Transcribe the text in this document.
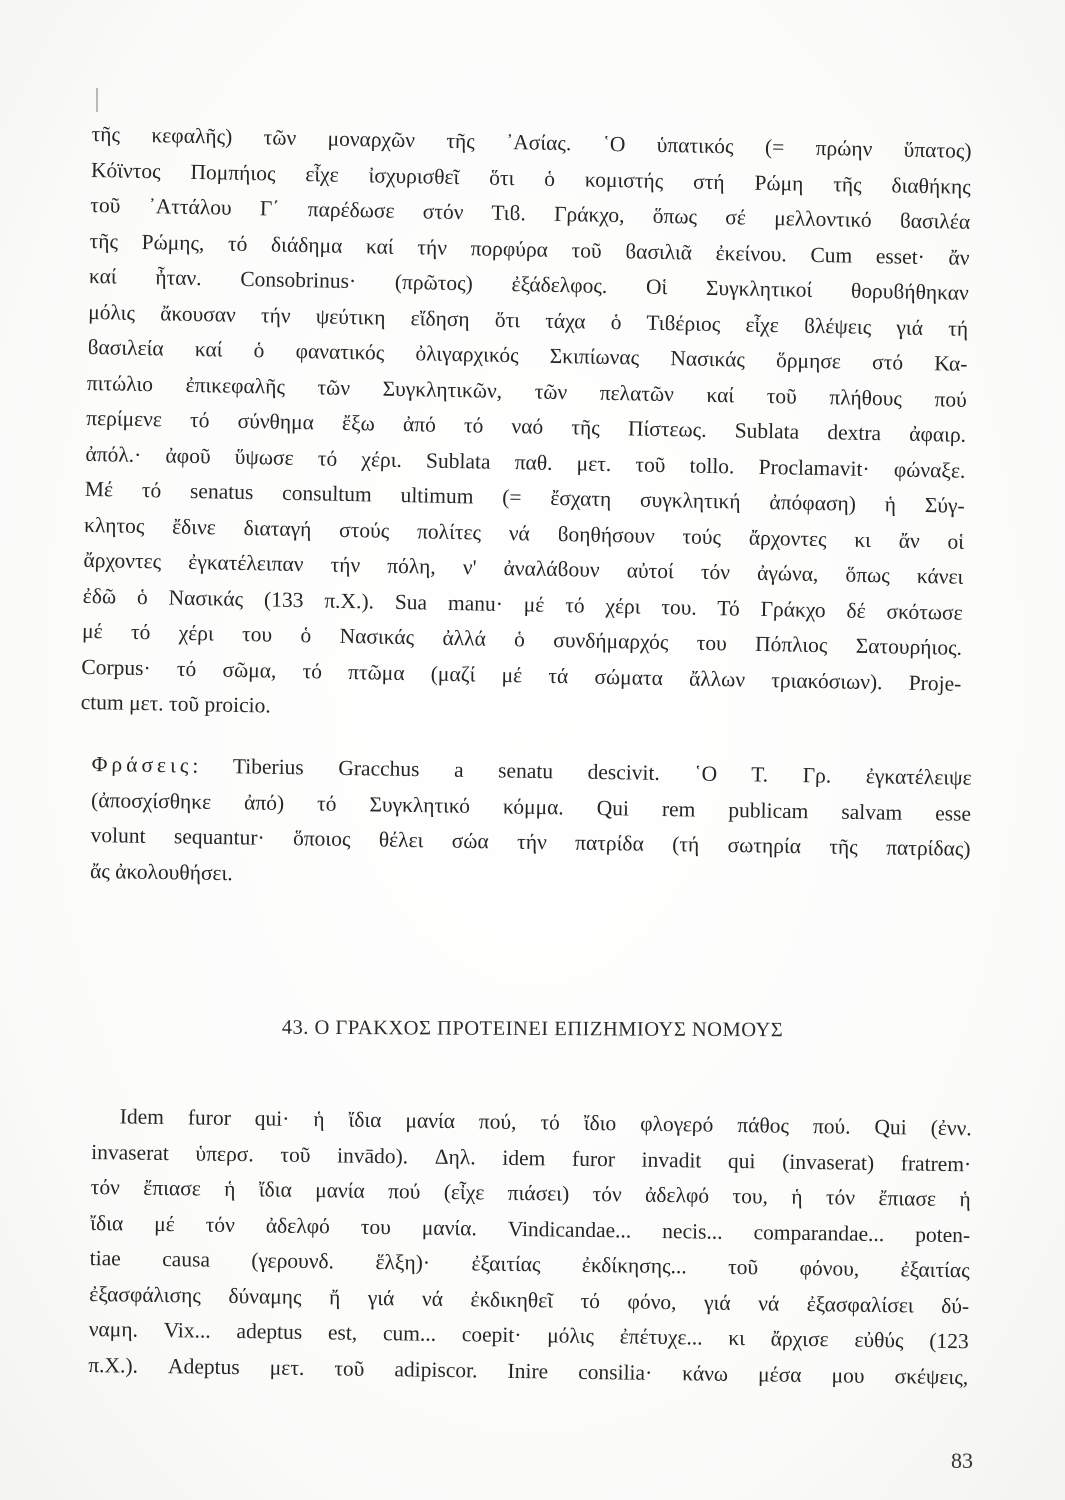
τῆς κεφαλῆς) τῶν μοναρχῶν τῆς ᾿Ασίας. ῾Ο ὑπατικός (= πρώην ὕπατος)
Κόϊντος Πομπήιος εἶχε ἰσχυρισθεῖ ὅτι ὁ κομιστής στή Ρώμη τῆς διαθήκης
τοῦ ᾿Αττάλου Γ΄ παρέδωσε στόν Τιϐ. Γράκχο, ὅπως σέ μελλοντικό ϐασιλέα
τῆς Ρώμης, τό διάδημα καί τήν πορφύρα τοῦ ϐασιλιᾶ ἐκείνου. Cum esset· ἄν
καί ἦταν. Consobrinus· (πρῶτος) ἐξάδελφος. Οἱ Συγκλητικοί θορυϐήθηκαν
μόλις ἄκουσαν τήν ψεύτικη εἴδηση ὅτι τάχα ὁ Τιϐέριος εἶχε ϐλέψεις γιά τή
ϐασιλεία καί ὁ φανατικός ὀλιγαρχικός Σκιπίωνας Νασικάς ὅρμησε στό Κα-
πιτώλιο ἐπικεφαλῆς τῶν Συγκλητικῶν, τῶν πελατῶν καί τοῦ πλήθους πού
περίμενε τό σύνθημα ἔξω ἀπό τό ναό τῆς Πίστεως. Sublata dextra ἀφαιρ.
ἀπόλ.· ἀφοῦ ὕψωσε τό χέρι. Sublata παθ. μετ. τοῦ tollo. Proclamavit· φώναξε.
Μέ τό senatus consultum ultimum (= ἔσχατη συγκλητική ἀπόφαση) ἡ Σύγ-
κλητος ἔδινε διαταγή στούς πολίτες νά ϐοηθήσουν τούς ἄρχοντες κι ἄν οἱ
ἄρχοντες ἐγκατέλειπαν τήν πόλη, ν' ἀναλάϐουν αὐτοί τόν ἀγώνα, ὅπως κάνει
ἐδῶ ὁ Νασικάς (133 π.Χ.). Sua manu· μέ τό χέρι του. Τό Γράκχο δέ σκότωσε
μέ τό χέρι του ὁ Νασικάς ἀλλά ὁ συνδήμαρχός του Πόπλιος Σατουρήιος.
Corpus· τό σῶμα, τό πτῶμα (μαζί μέ τά σώματα ἄλλων τριακόσιων). Proje-
ctum μετ. τοῦ proicio.
Φράσεις: Tiberius Gracchus a senatu descivit. ῾Ο Τ. Γρ. ἐγκατέλειψε
(ἀποσχίσθηκε ἀπό) τό Συγκλητικό κόμμα. Qui rem publicam salvam esse
volunt sequantur· ὅποιος θέλει σώα τήν πατρίδα (τή σωτηρία τῆς πατρίδας)
ἄς ἀκολουθήσει.
43. Ο ΓΡΑΚΧΟΣ ΠΡΟΤΕΙΝΕΙ ΕΠΙΖΗΜΙΟΥΣ ΝΟΜΟΥΣ
Idem furor qui· ἡ ἴδια μανία πού, τό ἴδιο φλογερό πάθος πού. Qui (ἐνν.
invaserat ὑπερσ. τοῦ invādo). Δηλ. idem furor invadit qui (invaserat) fratrem·
τόν ἔπιασε ἡ ἴδια μανία πού (εἶχε πιάσει) τόν ἀδελφό του, ἡ τόν ἔπιασε ἡ
ἴδια μέ τόν ἀδελφό του μανία. Vindicandae... necis... comparandae... poten-
tiae causa (γερουνδ. ἕλξη)· ἐξαιτίας ἐκδίκησης... τοῦ φόνου, ἐξαιτίας
ἐξασφάλισης δύναμης ἤ γιά νά ἐκδικηθεῖ τό φόνο, γιά νά ἐξασφαλίσει δύ-
ναμη. Vix... adeptus est, cum... coepit· μόλις ἐπέτυχε... κι ἄρχισε εὐθύς (123
π.Χ.). Adeptus μετ. τοῦ adipiscor. Inire consilia· κάνω μέσα μου σκέψεις,
83
